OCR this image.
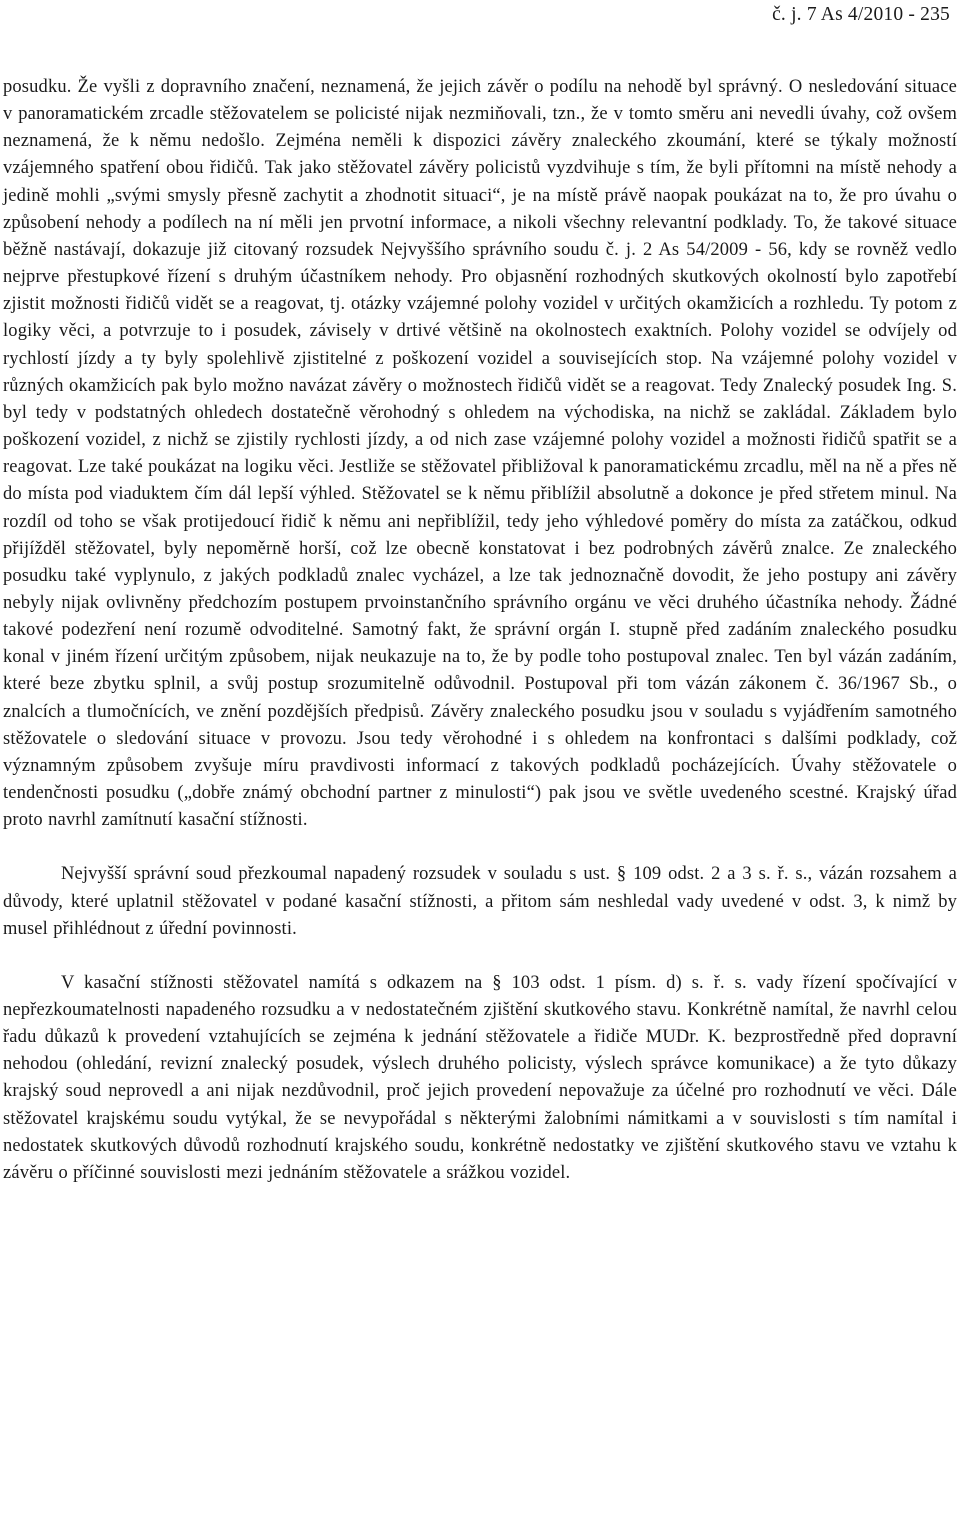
č. j. 7 As 4/2010 - 235

posudku. Že vyšli z dopravního značení, neznamená, že jejich závěr o podílu na nehodě byl správný. O nesledování situace v panoramatickém zrcadle stěžovatelem se policisté nijak nezmiňovali, tzn., že v tomto směru ani nevedli úvahy, což ovšem neznamená, že k němu nedošlo. Zejména neměli k dispozici závěry znaleckého zkoumání, které se týkaly možností vzájemného spatření obou řidičů. Tak jako stěžovatel závěry policistů vyzdvihuje s tím, že byli přítomni na místě nehody a jedině mohli „svými smysly přesně zachytit a zhodnotit situaci“, je na místě právě naopak poukázat na to, že pro úvahu o způsobení nehody a podílech na ní měli jen prvotní informace, a nikoli všechny relevantní podklady. To, že takové situace běžně nastávají, dokazuje již citovaný rozsudek Nejvyššího správního soudu č. j. 2 As 54/2009 - 56, kdy se rovněž vedlo nejprve přestupkové řízení s druhým účastníkem nehody. Pro objasnění rozhodných skutkových okolností bylo zapotřebí zjistit možnosti řidičů vidět se a reagovat, tj. otázky vzájemné polohy vozidel v určitých okamžicích a rozhledu. Ty potom z logiky věci, a potvrzuje to i posudek, závisely v drtivé většině na okolnostech exaktních. Polohy vozidel se odvíjely od rychlostí jízdy a ty byly spolehlivě zjistitelné z poškození vozidel a souvisejících stop. Na vzájemné polohy vozidel v různých okamžicích pak bylo možno navázat závěry o možnostech řidičů vidět se a reagovat. Tedy Znalecký posudek Ing. S. byl tedy v podstatných ohledech dostatečně věrohodný s ohledem na východiska, na nichž se zakládal. Základem bylo poškození vozidel, z nichž se zjistily rychlosti jízdy, a od nich zase vzájemné polohy vozidel a možnosti řidičů spatřit se a reagovat. Lze také poukázat na logiku věci. Jestliže se stěžovatel přibližoval k panoramatickému zrcadlu, měl na ně a přes ně do místa pod viaduktem čím dál lepší výhled. Stěžovatel se k němu přiblížil absolutně a dokonce je před střetem minul. Na rozdíl od toho se však protijedoucí řidič k němu ani nepřiblížil, tedy jeho výhledové poměry do místa za zatáčkou, odkud přijížděl stěžovatel, byly nepoměrně horší, což lze obecně konstatovat i bez podrobných závěrů znalce. Ze znaleckého posudku také vyplynulo, z jakých podkladů znalec vycházel, a lze tak jednoznačně dovodit, že jeho postupy ani závěry nebyly nijak ovlivněny předchozím postupem prvoinstančního správního orgánu ve věci druhého účastníka nehody. Žádné takové podezření není rozumě odvoditelné. Samotný fakt, že správní orgán I. stupně před zadáním znaleckého posudku konal v jiném řízení určitým způsobem, nijak neukazuje na to, že by podle toho postupoval znalec. Ten byl vázán zadáním, které beze zbytku splnil, a svůj postup srozumitelně odůvodnil. Postupoval při tom vázán zákonem č. 36/1967 Sb., o znalcích a tlumočnících, ve znění pozdějších předpisů. Závěry znaleckého posudku jsou v souladu s vyjádřením samotného stěžovatele o sledování situace v provozu. Jsou tedy věrohodné i s ohledem na konfrontaci s dalšími podklady, což významným způsobem zvyšuje míru pravdivosti informací z takových podkladů pocházejících. Úvahy stěžovatele o tendenčnosti posudku („dobře známý obchodní partner z minulosti“) pak jsou ve světle uvedeného scestné. Krajský úřad proto navrhl zamítnutí kasační stížnosti.

Nejvyšší správní soud přezkoumal napadený rozsudek v souladu s ust. § 109 odst. 2 a 3 s. ř. s., vázán rozsahem a důvody, které uplatnil stěžovatel v podané kasační stížnosti, a přitom sám neshledal vady uvedené v odst. 3, k nimž by musel přihlédnout z úřední povinnosti.

V kasační stížnosti stěžovatel namítá s odkazem na § 103 odst. 1 písm. d) s. ř. s. vady řízení spočívající v nepřezkoumatelnosti napadeného rozsudku a v nedostatečném zjištění skutkového stavu. Konkrétně namítal, že navrhl celou řadu důkazů k provedení vztahujících se zejména k jednání stěžovatele a řidiče MUDr. K. bezprostředně před dopravní nehodou (ohledání, revizní znalecký posudek, výslech druhého policisty, výslech správce komunikace) a že tyto důkazy krajský soud neprovedl a ani nijak nezdůvodnil, proč jejich provedení nepovažuje za účelné pro rozhodnutí ve věci. Dále stěžovatel krajskému soudu vytýkal, že se nevypořádal s některými žalobními námitkami a v souvislosti s tím namítal i nedostatek skutkových důvodů rozhodnutí krajského soudu, konkrétně nedostatky ve zjištění skutkového stavu ve vztahu k závěru o příčinné souvislosti mezi jednáním stěžovatele a srážkou vozidel.
